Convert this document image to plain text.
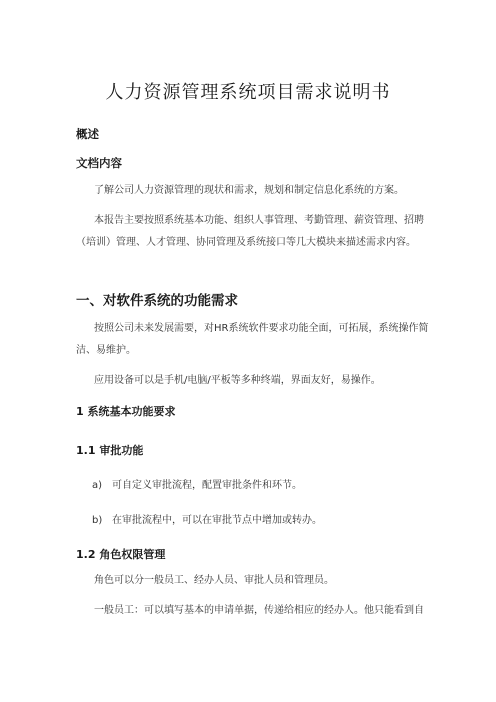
人力资源管理系统项目需求说明书
概述
文档内容

了解公司人力资源管理的现状和需求，规划和制定信息化系统的方案。

本报告主要按照系统基本功能、组织人事管理、考勤管理、薪资管理、招聘（培训）管理、人才管理、协同管理及系统接口等几大模块来描述需求内容。

一、对软件系统的功能需求

按照公司未来发展需要，对HR系统软件要求功能全面，可拓展，系统操作简洁、易维护。

应用设备可以是手机/电脑/平板等多种终端，界面友好，易操作。

1 系统基本功能要求
1.1 审批功能
a) 可自定义审批流程，配置审批条件和环节。
b) 在审批流程中，可以在审批节点中增加或转办。
1.2 角色权限管理

角色可以分一般员工、经办人员、审批人员和管理员。

一般员工：可以填写基本的申请单据，传递给相应的经办人。他只能看到自
